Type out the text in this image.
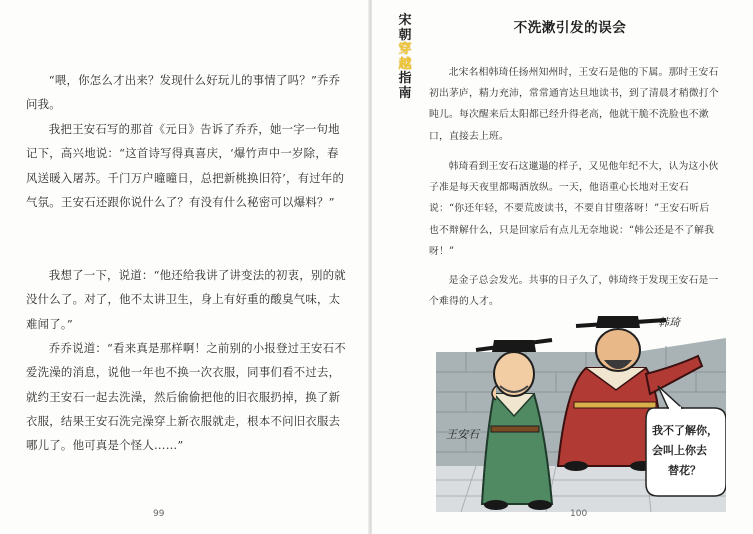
“喂，你怎么才出来？发现什么好玩儿的事情了吗？”乔乔问我。

我把王安石写的那首《元日》告诉了乔乔，她一字一句地记下，高兴地说：“这首诗写得真喜庆，‘爆竹声中一岁除，春风送暖入屠苏。千门万户曈曈日，总把新桃换旧符’，有过年的气氛。王安石还跟你说什么了？有没有什么秘密可以爆料？”

我想了一下，说道：“他还给我讲了讲变法的初衷，别的就没什么了。对了，他不太讲卫生，身上有好重的酸臭气味，太难闻了。”

乔乔说道：“看来真是那样啊！之前别的小报登过王安石不爱洗澡的消息，说他一年也不换一次衣服，同事们看不过去，就约王安石一起去洗澡，然后偷偷把他的旧衣服扔掉，换了新衣服，结果王安石洗完澡穿上新衣服就走，根本不问旧衣服去哪儿了。他可真是个怪人……”

99
宋
朝
穿
越
指
南
不洗漱引发的误会

北宋名相韩琦任扬州知州时，王安石是他的下属。那时王安石初出茅庐，精力充沛，常常通宵达旦地读书，到了清晨才稍微打个盹儿。每次醒来后太阳都已经升得老高，他就干脆不洗脸也不漱口，直接去上班。

韩琦看到王安石这邋遢的样子，又见他年纪不大，认为这小伙子准是每天夜里都喝酒放纵。一天，他语重心长地对王安石说：“你还年轻，不要荒废读书，不要自甘堕落呀！”王安石听后也不辩解什么，只是回家后有点儿无奈地说：“韩公还是不了解我呀！”

是金子总会发光。共事的日子久了，韩琦终于发现王安石是一个难得的人才。

王安石
韩琦
我不了解你，
会叫上你去
替花？
100
